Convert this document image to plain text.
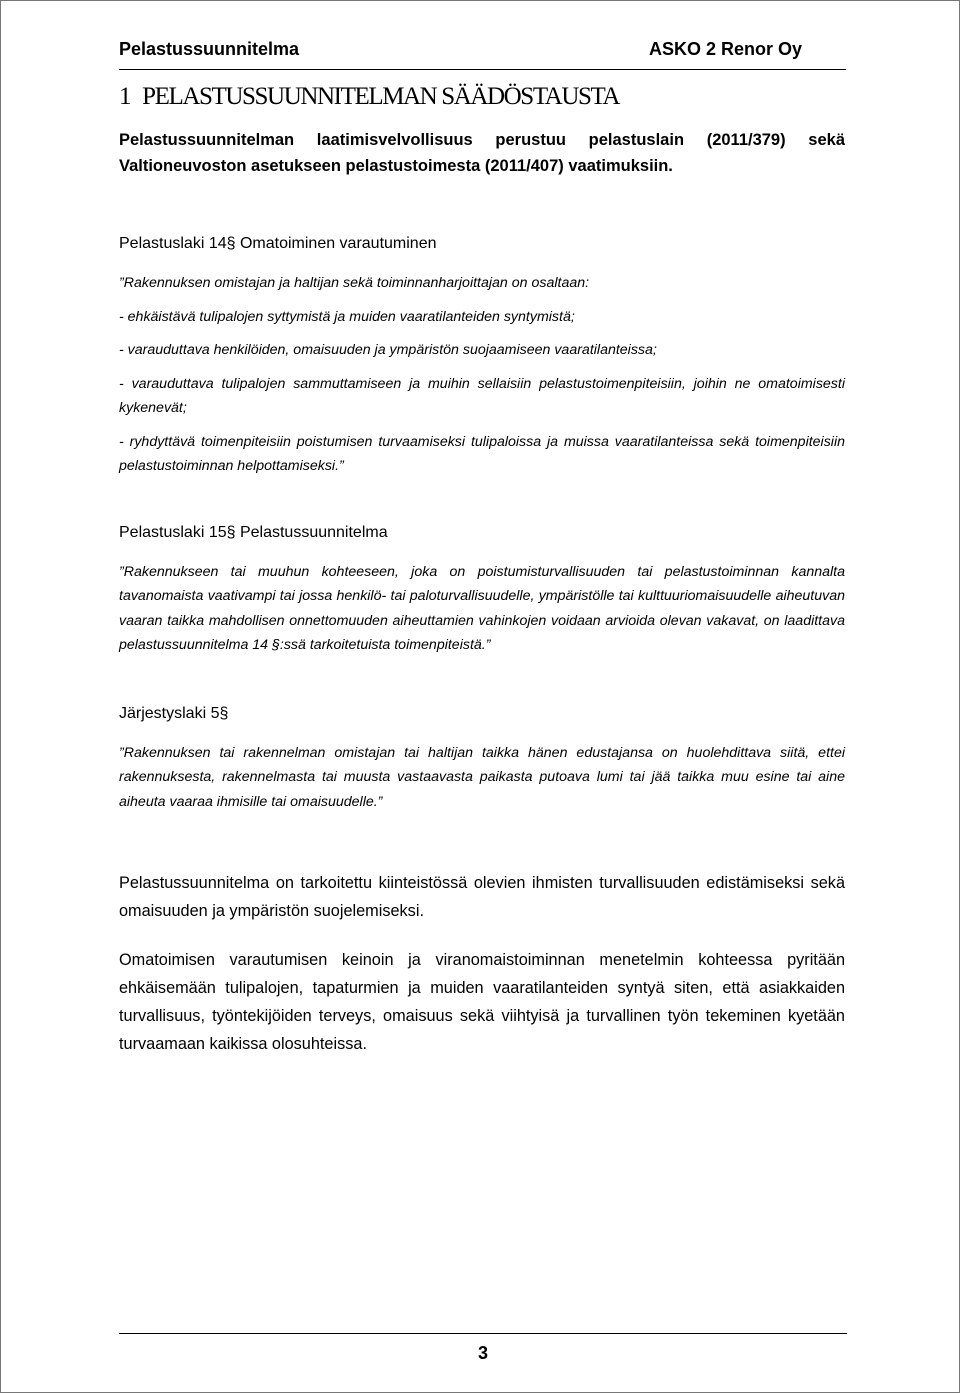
Pelastussuunnitelma	ASKO 2 Renor Oy
1 PELASTUSSUUNNITELMAN SÄÄDÖSTAUSTA

Pelastussuunnitelman laatimisvelvollisuus perustuu pelastuslain (2011/379) sekä Valtioneuvoston asetukseen pelastustoimesta (2011/407) vaatimuksiin.

Pelastuslaki 14§ Omatoiminen varautuminen

”Rakennuksen omistajan ja haltijan sekä toiminnanharjoittajan on osaltaan:

- ehkäistävä tulipalojen syttymistä ja muiden vaaratilanteiden syntymistä;

- varauduttava henkilöiden, omaisuuden ja ympäristön suojaamiseen vaaratilanteissa;

- varauduttava tulipalojen sammuttamiseen ja muihin sellaisiin pelastustoimenpiteisiin, joihin ne omatoimisesti kykenevät;

- ryhdyttävä toimenpiteisiin poistumisen turvaamiseksi tulipaloissa ja muissa vaaratilanteissa sekä toimenpiteisiin pelastustoiminnan helpottamiseksi.”

Pelastuslaki 15§ Pelastussuunnitelma

”Rakennukseen tai muuhun kohteeseen, joka on poistumisturvallisuuden tai pelastustoiminnan kannalta tavanomaista vaativampi tai jossa henkilö- tai paloturvallisuudelle, ympäristölle tai kulttuuriomaisuudelle aiheutuvan vaaran taikka mahdollisen onnettomuuden aiheuttamien vahinkojen voidaan arvioida olevan vakavat, on laadittava pelastussuunnitelma 14 §:ssä tarkoitetuista toimenpiteistä.”

Järjestyslaki 5§

”Rakennuksen tai rakennelman omistajan tai haltijan taikka hänen edustajansa on huolehdittava siitä, ettei rakennuksesta, rakennelmasta tai muusta vastaavasta paikasta putoava lumi tai jää taikka muu esine tai aine aiheuta vaaraa ihmisille tai omaisuudelle.”

Pelastussuunnitelma on tarkoitettu kiinteistössä olevien ihmisten turvallisuuden edistämiseksi sekä omaisuuden ja ympäristön suojelemiseksi.

Omatoimisen varautumisen keinoin ja viranomaistoiminnan menetelmin kohteessa pyritään ehkäisemään tulipalojen, tapaturmien ja muiden vaaratilanteiden syntyä siten, että asiakkaiden turvallisuus, työntekijöiden terveys, omaisuus sekä viihtyisä ja turvallinen työn tekeminen kyetään turvaamaan kaikissa olosuhteissa.

3
